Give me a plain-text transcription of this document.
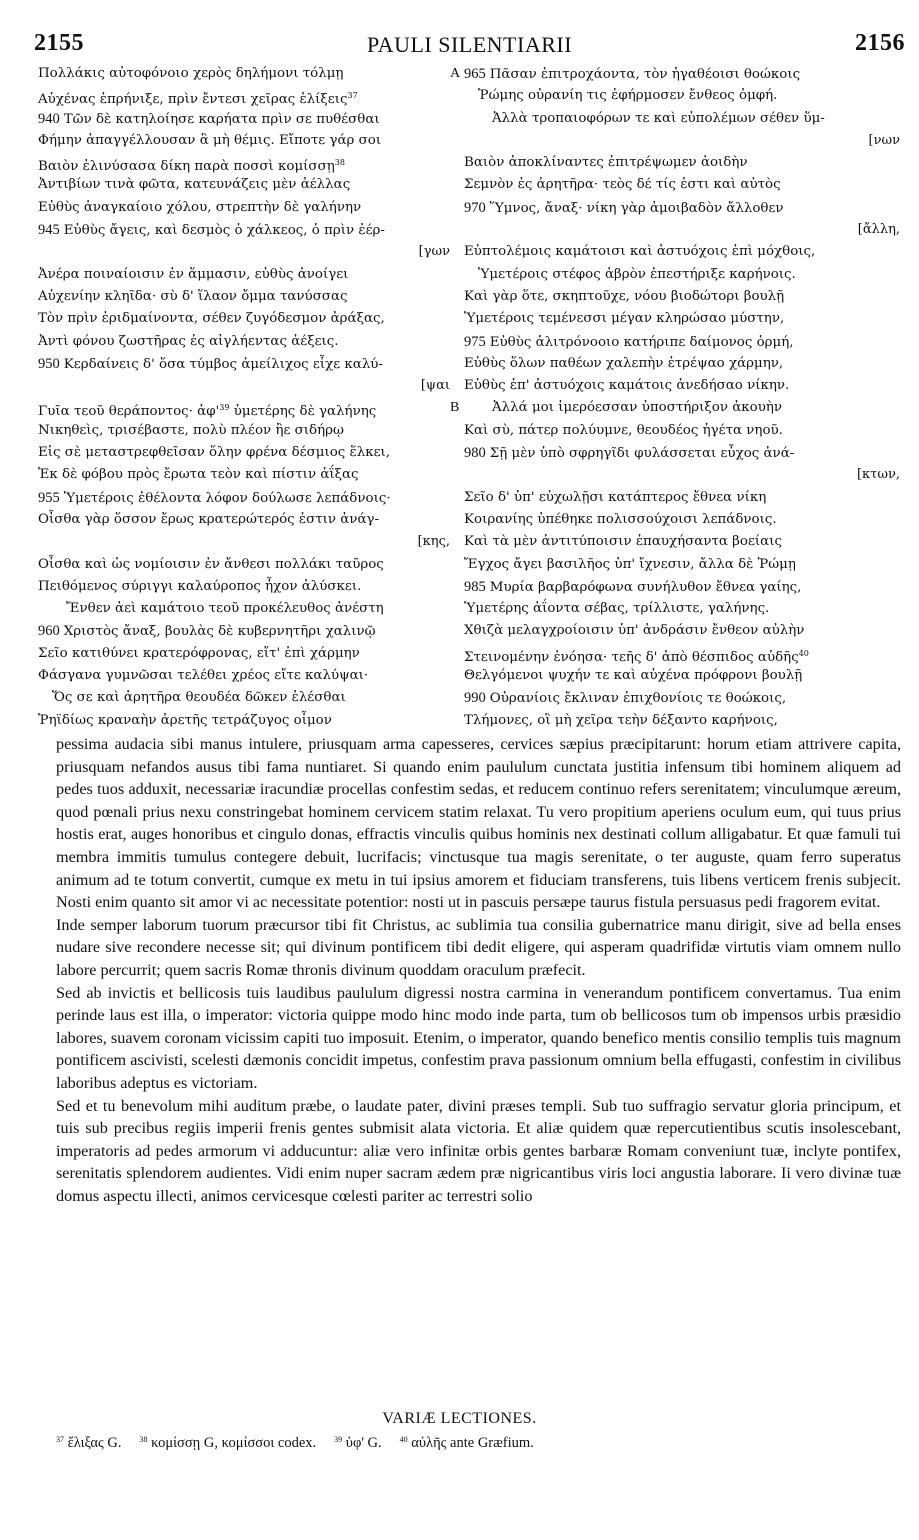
2155	PAULI SILENTIARII	2156
Πολλάκις αὐτοφόνοιο χερὸς δηλήμονι τόλμῃ	A
Αὐχένας ἐπρήνιξε, πρὶν ἔντεσι χεῖρας ἑλίξεις$^{37}$
940 Τῶν δὲ κατηλοίησε καρήατα πρὶν σε πυθέσθαι
Φήμην ἀπαγγέλλουσαν ἃ μὴ θέμις. Εἴποτε γάρ σοι
Βαιὸν ἐλινύσασα δίκη παρὰ ποσσὶ κομίσσῃ$^{38}$
Ἀντιβίων τινὰ φῶτα, κατευνάζεις μὲν ἀέλλας
Εὐθὺς ἀναγκαίοιο χόλου, στρεπτὴν δὲ γαλήνην
945 Εὐθὺς ἄγεις, καὶ δεσμὸς ὁ χάλκεος, ὁ πρὶν ἐέρ-
[γων
Ἀνέρα ποιναίοισιν ἐν ἅμμασιν, εὐθὺς ἀνοίγει
Αὐχενίην κληῖδα· σὺ δ' ἵλαον ὄμμα τανύσσας
Τὸν πρὶν ἐριδμαίνοντα, σέθεν ζυγόδεσμον ἀράξας,
Ἀντὶ φόνου ζωστῆρας ἐς αἰγλήεντας ἀέξεις.
950 Κερδαίνεις δ' ὅσα τύμβος ἀμείλιχος εἶχε καλύ-
[ψαι
Γυῖα τεοῦ $\theta\varepsilon\rho ά\pi o\nu\tau o\varsigma\cdot ἀ\varphi'^{39}$ ὑμετέρης δὲ γαλήνης	B
Νικηθεὶς, τρισέβαστε, πολὺ πλέον ἢε σιδήρῳ
Εἰς σὲ μεταστρεφθεῖσαν ὅλην φρένα δέσμιος ἕλκει,
Ἐκ δὲ φόβου πρὸς ἔρωτα τεὸν καὶ πίστιν ἀΐξας
955 Ὑμετέροις ἐθέλοντα λόφον δούλωσε λεπάδνοις·
Οἶσθα γὰρ ὅσσον ἔρως κρατερώτερός ἐστιν ἀνάγ-
[κης,
Οἶσθα καὶ ὡς νομίοισιν ἐν ἄνθεσι πολλάκι ταῦρος
Πειθόμενος σύριγγι καλαύροπος ἦχον ἀλύσκει.
Ἔνθεν ἀεὶ καμάτοιο τεοῦ προκέλευθος ἀνέστη
960 Χριστὸς ἄναξ, βουλὰς δὲ κυβερνητῆρι χαλινῷ
Σεῖο κατιθύνει κρατερόφρονας, εἴτ' ἐπὶ χάρμην
Φάσγανα γυμνῶσαι τελέθει χρέος εἴτε καλύψαι·
Ὅς σε καὶ ἀρητῆρα θεουδέα δῶκεν ἑλέσθαι
Ῥηϊδίως κραναὴν ἀρετῆς τετράζυγος οἶμον
965 Πᾶσαν ἐπιτροχάοντα, τὸν ἠγαθέοισι θοώκοις
Ῥώμης οὐρανίη τις ἐφήρμοσεν ἔνθεος ὀμφή.
Ἀλλὰ τροπαιοφόρων τε καὶ εὐπολέμων σέθεν ὕμ-
[νων
Βαιὸν ἀποκλίναντες ἐπιτρέψωμεν ἀοιδὴν
Σεμνὸν ἐς ἀρητῆρα· τεὸς δέ τίς ἐστι καὶ αὐτὸς
970 Ὕμνος, ἄναξ· νίκη γὰρ ἀμοιβαδὸν ἄλλοθεν
[ἄλλη,
Εὐπτολέμοις καμάτοισι καὶ ἀστυόχοις ἐπὶ μόχθοις,
Ὑμετέροις στέφος ἁβρὸν ἐπεστήριξε καρήνοις.
Καὶ γὰρ ὅτε, σκηπτοῦχε, νόου βιοδώτορι βουλῇ
Ὑμετέροις τεμένεσσι μέγαν κληρώσαο μύστην,
975 Εὐθὺς ἀλιτρόνοοιο κατήριπε δαίμονος ὁρμή,
Εὐθὺς ὅλων παθέων χαλεπὴν ἐτρέψαο χάρμην,
Εὐθὺς ἐπ' ἀστυόχοις καμάτοις ἀνεδήσαο νίκην.
Ἀλλά μοι ἱμερόεσσαν ὑποστήριξον ἀκουὴν
Καὶ σὺ, πάτερ πολύυμνε, θεουδέος ἡγέτα νηοῦ.
980 Σῇ μὲν ὑπὸ σφρηγῖδι φυλάσσεται εὖχος ἀνά-
[κτων,
Σεῖο δ' ὑπ' εὐχωλῇσι κατάπτερος ἔθνεα νίκη
Κοιρανίης ὑπέθηκε πολισσούχοισι λεπάδνοις.
Καὶ τὰ μὲν ἀντιτύποισιν ἐπαυχήσαντα βοείαις
Ἔγχος ἄγει βασιλῆος ὑπ' ἴχνεσιν, ἄλλα δὲ Ῥώμῃ
985 Μυρία βαρβαρόφωνα συνήλυθον ἔθνεα γαίης,
Ὑμετέρης ἀΐοντα σέβας, τρίλλιστε, γαλήνης.
Χθιζὰ μελαγχροίοισιν ὑπ' ἀνδράσιν ἔνθεον αὐλὴν
Στεινομένην ἐνόησα· τεῆς δ' ἀπὸ θέσπιδος αὐδῆς$^{40}$
Θελγόμενοι ψυχήν τε καὶ αὐχένα πρόφρονι βουλῇ
990 Οὐρανίοις ἔκλιναν ἐπιχθονίοις τε θοώκοις,
Τλήμονες, οἳ μὴ χεῖρα τεὴν δέξαντο καρήνοις,

pessima audacia sibi manus intulere, priusquam arma capesseres, cervices sæpius præcipitarunt: horum etiam attrivere capita, priusquam nefandos ausus tibi fama nuntiaret. Si quando enim paululum cunctata justitia infensum tibi hominem aliquem ad pedes tuos adduxit, necessariæ iracundiæ procellas confestim sedas, et reducem continuo refers serenitatem; vinculumque æreum, quod pœnali prius nexu constringebat hominem cervicem statim relaxat. Tu vero propitium aperiens oculum eum, qui tuus prius hostis erat, auges honoribus et cingulo donas, effractis vinculis quibus hominis nex destinati collum alligabatur. Et quæ famuli tui membra immitis tumulus contegere debuit, lucrifacis; vinctusque tua magis serenitate, o ter auguste, quam ferro superatus animum ad te totum convertit, cumque ex metu in tui ipsius amorem et fiduciam transferens, tuis libens verticem frenis subjecit. Nosti enim quanto sit amor vi ac necessitate potentior: nosti ut in pascuis persæpe taurus fistula persuasus pedi fragorem evitat.

Inde semper laborum tuorum præcursor tibi fit Christus, ac sublimia tua consilia gubernatrice manu dirigit, sive ad bella enses nudare sive recondere necesse sit; qui divinum pontificem tibi dedit eligere, qui asperam quadrifidæ virtutis viam omnem nullo labore percurrit; quem sacris Romæ thronis divinum quoddam oraculum præfecit.

Sed ab invictis et bellicosis tuis laudibus paululum digressi nostra carmina in venerandum pontificem convertamus. Tua enim perinde laus est illa, o imperator: victoria quippe modo hinc modo inde parta, tum ob bellicosos tum ob impensos urbis præsidio labores, suavem coronam vicissim capiti tuo imposuit. Etenim, o imperator, quando benefico mentis consilio templis tuis magnum pontificem ascivisti, scelesti dæmonis concidit impetus, confestim prava passionum omnium bella effugasti, confestim in civilibus laboribus adeptus es victoriam.

Sed et tu benevolum mihi auditum præbe, o laudate pater, divini præses templi. Sub tuo suffragio servatur gloria principum, et tuis sub precibus regiis imperii frenis gentes submisit alata victoria. Et aliæ quidem quæ repercutientibus scutis insolescebant, imperatoris ad pedes armorum vi adducuntur: aliæ vero infinitæ orbis gentes barbaræ Romam conveniunt tuæ, inclyte pontifex, serenitatis splendorem audientes. Vidi enim nuper sacram ædem præ nigricantibus viris loci angustia laborare. Ii vero divinæ tuæ domus aspectu illecti, animos cervicesque cœlesti pariter ac terrestri solio

VARIÆ LECTIONES.
$^{37}$ ἔλιξας G. $^{38}$ κομίσσῃ G, κομίσσοι codex. $^{39}$ ὑφ' G. $^{40}$ αὐλῆς ante Græfium.
